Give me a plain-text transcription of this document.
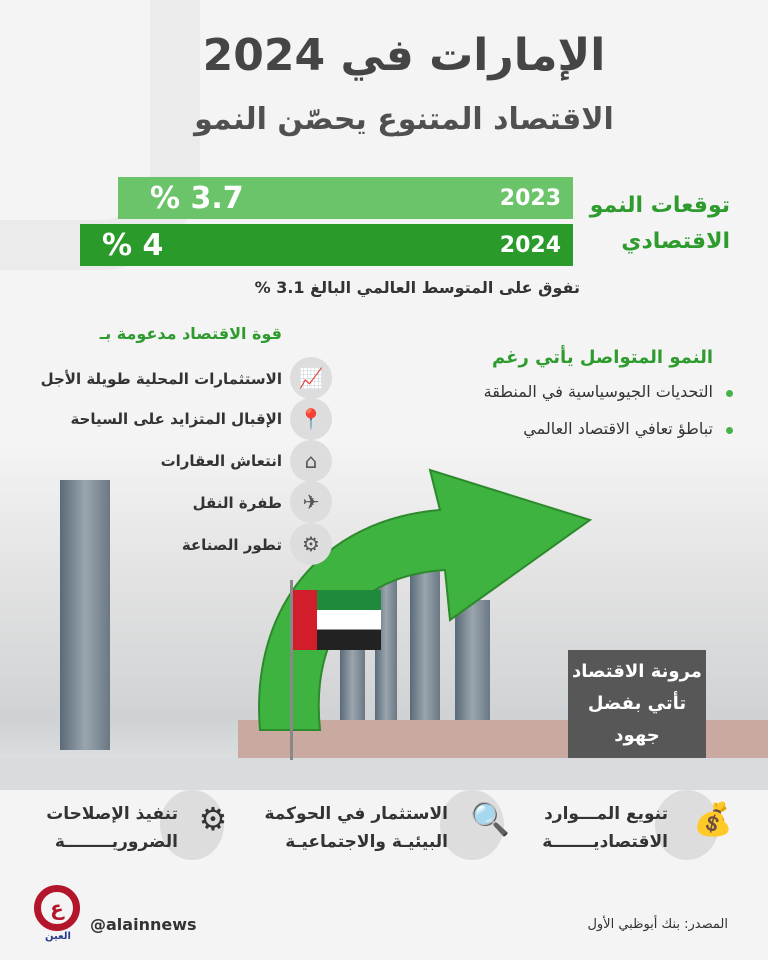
الإمارات في 2024
الاقتصاد المتنوع يحصّن النمو
3.7 %	2023
4 %	2024
توقعات النمو
الاقتصادي
تفوق على المتوسط العالمي البالغ 3.1 %
قوة الاقتصاد مدعومة بـ
📈
الاستثمارات المحلية طويلة الأجل
📍
الإقبال المتزايد على السياحة
⌂
انتعاش العقارات
✈
طفرة النقل
⚙
تطور الصناعة
النمو المتواصل يأتي رغم
التحديات الجيوسياسية في المنطقة
تباطؤ تعافي الاقتصاد العالمي
مرونة الاقتصاد
تأتي بفضل
جهود
💰
تنويع المـــوارد
الاقتصاديـــــــة
🔍
الاستثمار في الحوكمة
البيئيـة والاجتماعيـة
⚙
تنفيذ الإصلاحات
الضروريــــــــة
ع
العين
@alainnews	المصدر: بنك أبوظبي الأول
